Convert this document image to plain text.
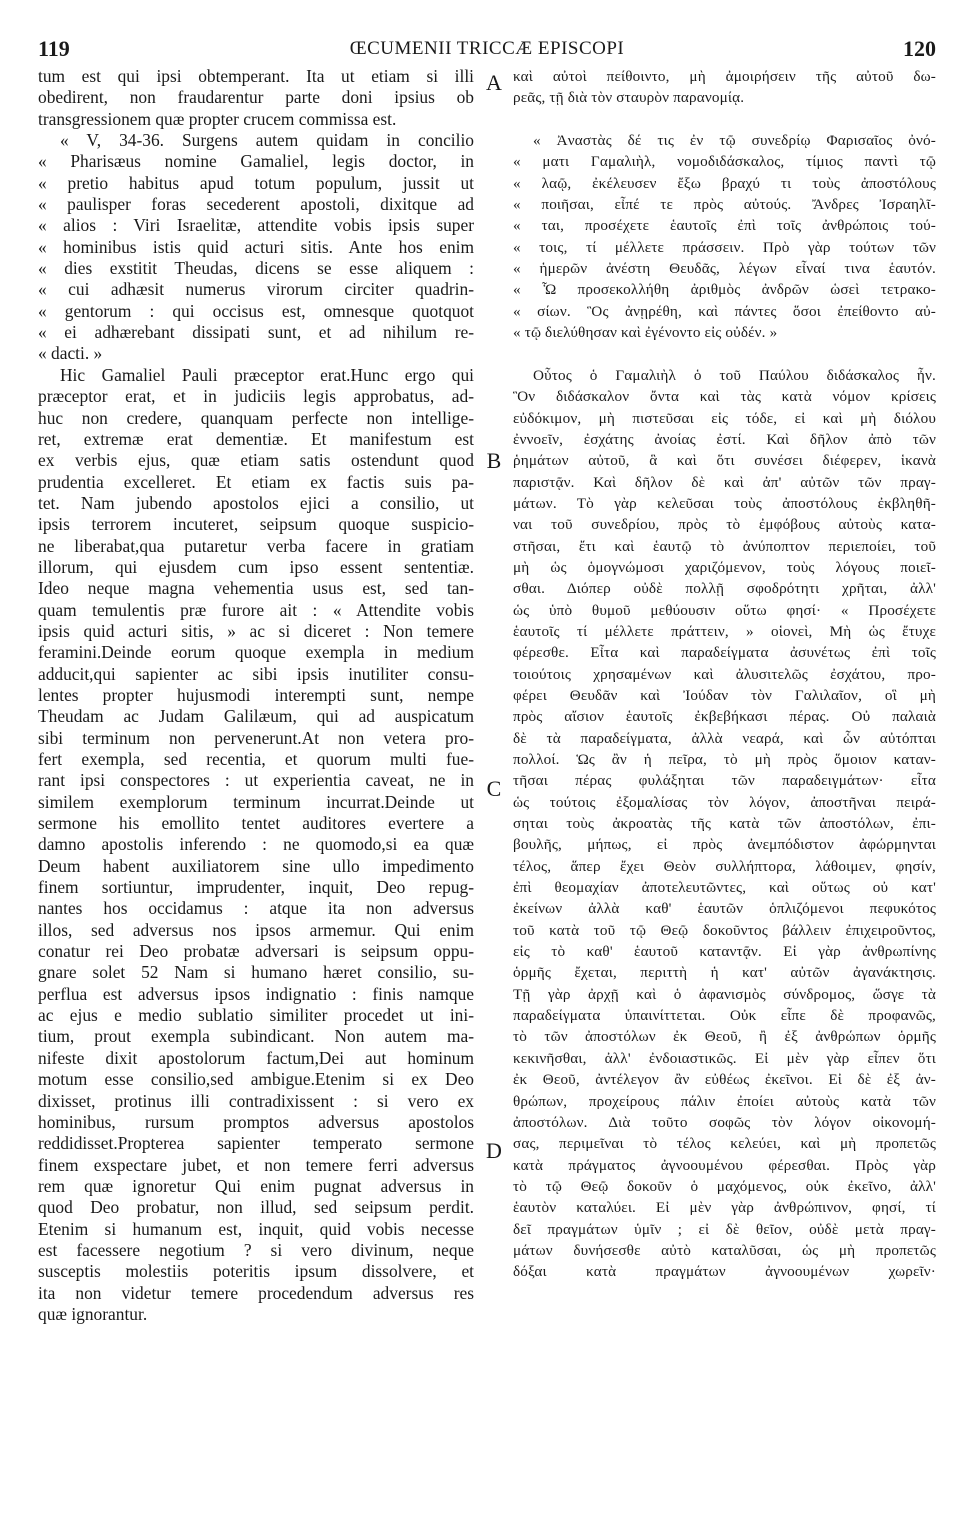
119	ŒCUMENII TRICCÆ EPISCOPI	120
tum est qui ipsi obtemperant. Ita ut etiam si illi
obedirent, non fraudarentur parte doni ipsius ob
transgressionem quæ propter crucem commissa est.
« V, 34-36. Surgens autem quidam in concilio
« Pharisæus nomine Gamaliel, legis doctor, in
« pretio habitus apud totum populum, jussit ut
« paulisper foras secederent apostoli, dixitque ad
« alios : Viri Israelitæ, attendite vobis ipsis super
« hominibus istis quid acturi sitis. Ante hos enim
« dies exstitit Theudas, dicens se esse aliquem :
« cui adhæsit numerus virorum circiter quadrin-
« gentorum : qui occisus est, omnesque quotquot
« ei adhærebant dissipati sunt, et ad nihilum re-
« dacti. »
Hic Gamaliel Pauli præceptor erat.Hunc ergo qui
præceptor erat, et in judiciis legis approbatus, ad-
huc non credere, quanquam perfecte non intellige-
ret, extremæ erat dementiæ. Et manifestum est
ex verbis ejus, quæ etiam satis ostendunt quod
prudentia excelleret. Et etiam ex factis suis pa-
tet. Nam jubendo apostolos ejici a consilio, ut
ipsis terrorem incuteret, seipsum quoque suspicio-
ne liberabat,qua putaretur verba facere in gratiam
illorum, qui ejusdem cum ipso essent sententiæ.
Ideo neque magna vehementia usus est, sed tan-
quam temulentis præ furore ait : « Attendite vobis
ipsis quid acturi sitis, » ac si diceret : Non temere
feramini.Deinde eorum quoque exempla in medium
adducit,qui sapienter ac sibi ipsis inutiliter consu-
lentes propter hujusmodi interempti sunt, nempe
Theudam ac Judam Galilæum, qui ad auspicatum
sibi terminum non pervenerunt.At non vetera pro-
fert exempla, sed recentia, et quorum multi fue-
rant ipsi conspectores : ut experientia caveat, ne in
similem exemplorum terminum incurrat.Deinde ut
sermone his emollito tentet auditores evertere a
damno apostolis inferendo : ne quomodo,si ea quæ
Deum habent auxiliatorem sine ullo impedimento
finem sortiuntur, imprudenter, inquit, Deo repug-
nantes hos occidamus : atque ita non adversus
illos, sed adversus nos ipsos armemur. Qui enim
conatur rei Deo probatæ adversari is seipsum oppu-
gnare solet 52 Nam si humano hæret consilio, su-
perflua est adversus ipsos indignatio : finis namque
ac ejus e medio sublatio similiter procedet ut ini-
tium, prout exempla subindicant. Non autem ma-
nifeste dixit apostolorum factum,Dei aut hominum
motum esse consilio,sed ambigue.Etenim si ex Deo
dixisset, protinus illi contradixissent : si vero ex
hominibus, rursum promptos adversus apostolos
reddidisset.Propterea sapienter temperato sermone
finem exspectare jubet, et non temere ferri adversus
rem quæ ignoretur Qui enim pugnat adversus in
quod Deo probatur, non illud, sed seipsum perdit.
Etenim si humanum est, inquit, quid vobis necesse
est facessere negotium ? si vero divinum, neque
susceptis molestiis poteritis ipsum dissolvere, et
ita non videtur temere procedendum adversus res
quæ ignorantur.
A
B
C
D
καὶ αὐτοὶ πείθοιντο, μὴ ἀμοιρήσειν τῆς αὐτοῦ δω-
ρεᾶς, τῇ διὰ τὸν σταυρὸν παρανομίᾳ.
« Ἀναστὰς δέ τις ἐν τῷ συνεδρίῳ Φαρισαῖος ὀνό-
« ματι Γαμαλιὴλ, νομοδιδάσκαλος, τίμιος παντὶ τῷ
« λαῷ, ἐκέλευσεν ἔξω βραχύ τι τοὺς ἀποστόλους
« ποιῆσαι, εἶπέ τε πρὸς αὐτούς. Ἄνδρες Ἰσραηλῖ-
« ται, προσέχετε ἑαυτοῖς ἐπὶ τοῖς ἀνθρώποις τού-
« τοις, τί μέλλετε πράσσειν. Πρὸ γὰρ τούτων τῶν
« ἡμερῶν ἀνέστη Θευδᾶς, λέγων εἶναί τινα ἑαυτόν.
« Ὧ προσεκολλήθη ἀριθμὸς ἀνδρῶν ὡσεὶ τετρακο-
« σίων. Ὃς ἀνῃρέθη, καὶ πάντες ὅσοι ἐπείθοντο αὐ-
« τῷ διελύθησαν καὶ ἐγένοντο εἰς οὐδέν. »
Οὗτος ὁ Γαμαλιὴλ ὁ τοῦ Παύλου διδάσκαλος ἦν.
Ὃν διδάσκαλον ὄντα καὶ τὰς κατὰ νόμον κρίσεις
εὐδόκιμον, μὴ πιστεῦσαι εἰς τόδε, εἰ καὶ μὴ διόλου
ἐννοεῖν, ἐσχάτης ἀνοίας ἐστί. Καὶ δῆλον ἀπὸ τῶν
ῥημάτων αὐτοῦ, ἃ καὶ ὅτι συνέσει διέφερεν, ἱκανὰ
παριστᾷν. Καὶ δῆλον δὲ καὶ ἀπ' αὐτῶν τῶν πραγ-
μάτων. Τὸ γὰρ κελεῦσαι τοὺς ἀποστόλους ἐκβληθῆ-
ναι τοῦ συνεδρίου, πρὸς τὸ ἐμφόβους αὐτοὺς κατα-
στῆσαι, ἔτι καὶ ἑαυτῷ τὸ ἀνύποπτον περιεποίει, τοῦ
μὴ ὡς ὁμογνώμοσι χαριζόμενον, τοὺς λόγους ποιεῖ-
σθαι. Διόπερ οὐδὲ πολλῇ σφοδρότητι χρῆται, ἀλλ'
ὡς ὑπὸ θυμοῦ μεθύουσιν οὕτω φησί· « Προσέχετε
ἑαυτοῖς τί μέλλετε πράττειν, » οἱονεὶ, Μὴ ὡς ἔτυχε
φέρεσθε. Εἶτα καὶ παραδείγματα ἀσυνέτως ἐπὶ τοῖς
τοιούτοις χρησαμένων καὶ ἀλυσιτελῶς ἐσχάτου, προ-
φέρει Θευδᾶν καὶ Ἰούδαν τὸν Γαλιλαῖον, οἳ μὴ
πρὸς αἴσιον ἑαυτοῖς ἐκβεβήκασι πέρας. Οὐ παλαιὰ
δὲ τὰ παραδείγματα, ἀλλὰ νεαρά, καὶ ὧν αὐτόπται
πολλοί. Ὡς ἂν ἡ πεῖρα, τὸ μὴ πρὸς ὅμοιον καταν-
τῆσαι πέρας φυλάξηται τῶν παραδειγμάτων· εἶτα
ὡς τούτοις ἐξομαλίσας τὸν λόγον, ἀποστῆναι πειρά-
σηται τοὺς ἀκροατὰς τῆς κατὰ τῶν ἀποστόλων, ἐπι-
βουλῆς, μήπως, εἰ πρὸς ἀνεμπόδιστον ἀφώρμηνται
τέλος, ἅπερ ἔχει Θεὸν συλλήπτορα, λάθοιμεν, φησίν,
ἐπὶ θεομαχίαν ἀποτελευτῶντες, καὶ οὕτως οὐ κατ'
ἐκείνων ἀλλὰ καθ' ἑαυτῶν ὁπλιζόμενοι πεφυκότος
τοῦ κατὰ τοῦ τῷ Θεῷ δοκοῦντος βάλλειν ἐπιχειροῦντος,
εἰς τὸ καθ' ἑαυτοῦ καταντᾷν. Εἰ γὰρ ἀνθρωπίνης
ὁρμῆς ἔχεται, περιττὴ ἡ κατ' αὐτῶν ἀγανάκτησις.
Τῇ γὰρ ἀρχῇ καὶ ὁ ἀφανισμὸς σύνδρομος, ὥσγε τὰ
παραδείγματα ὑπαινίττεται. Οὐκ εἶπε δὲ προφανῶς,
τὸ τῶν ἀποστόλων ἐκ Θεοῦ, ἢ ἐξ ἀνθρώπων ὁρμῆς
κεκινῆσθαι, ἀλλ' ἐνδοιαστικῶς. Εἰ μὲν γὰρ εἶπεν ὅτι
ἐκ Θεοῦ, ἀντέλεγον ἂν εὐθέως ἐκεῖνοι. Εἰ δὲ ἐξ ἀν-
θρώπων, προχείρους πάλιν ἐποίει αὐτοὺς κατὰ τῶν
ἀποστόλων. Διὰ τοῦτο σοφῶς τὸν λόγον οἰκονομή-
σας, περιμεῖναι τὸ τέλος κελεύει, καὶ μὴ προπετῶς
κατὰ πράγματος ἀγνοουμένου φέρεσθαι. Πρὸς γὰρ
τὸ τῷ Θεῷ δοκοῦν ὁ μαχόμενος, οὐκ ἐκεῖνο, ἀλλ'
ἑαυτὸν καταλύει. Εἰ μὲν γὰρ ἀνθρώπινον, φησί, τί
δεῖ πραγμάτων ὑμῖν ; εἰ δὲ θεῖον, οὐδὲ μετὰ πραγ-
μάτων δυνήσεσθε αὐτὸ καταλῦσαι, ὡς μὴ προπετῶς
δόξαι κατὰ πραγμάτων ἀγνοουμένων χωρεῖν·
